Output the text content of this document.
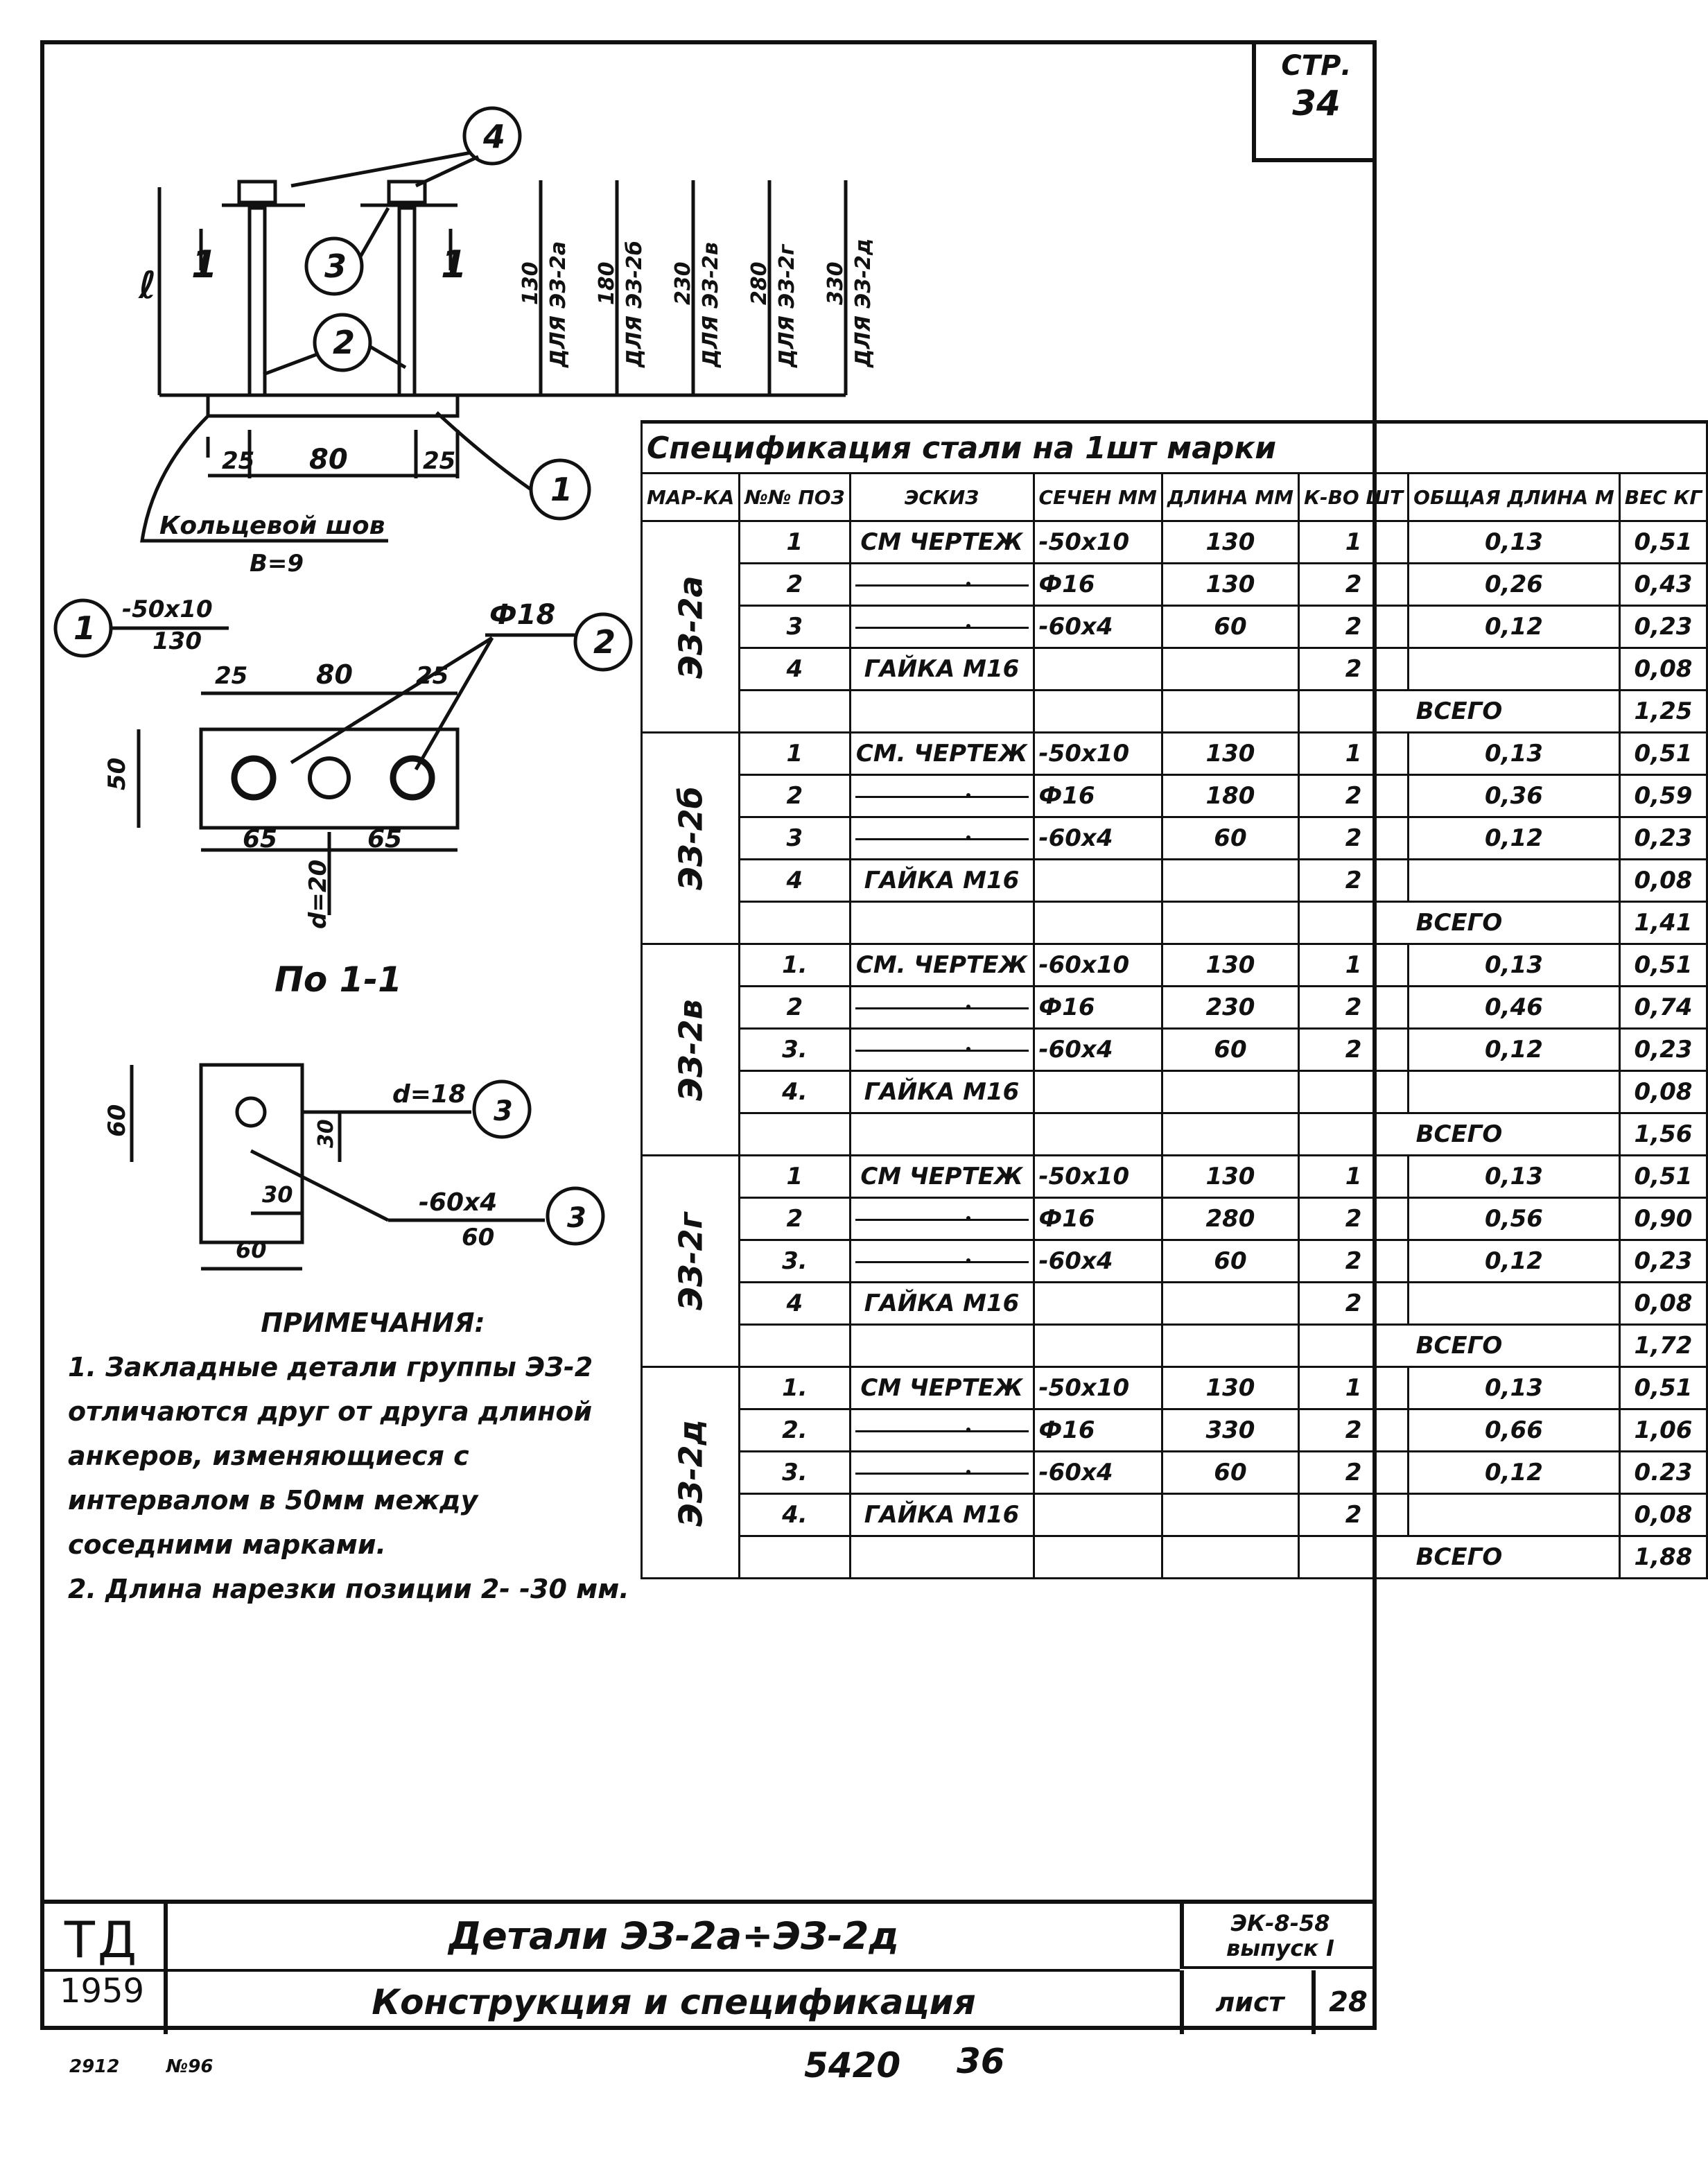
СТР.
34
4
3
2
1
ℓ 1	1 130 ДЛЯ ЭЗ-2а 180 ДЛЯ ЭЗ-2б 230 ДЛЯ ЭЗ-2в 280 ДЛЯ ЭЗ-2г 330 ДЛЯ ЭЗ-2д
25 80	25
Кольцевой шов
В=9
1 -50х10
130
Ф18
2
25	80	25
50
65	65
d=20
По 1-1
60
d=18
3
30
30	-60х4
60
3
60
Спецификация стали на 1шт марки							
МАР-КА	№№ ПОЗ	ЭСКИЗ	СЕЧЕН ММ	ДЛИНА ММ	К-ВО ШТ	ОБЩАЯ ДЛИНА М	ВЕС КГ
ЭЗ-2а	1	СМ ЧЕРТЕЖ	-50х10	130	1	0,13	0,51
	2		Ф16	130	2	0,26	0,43
	3		-60х4	60	2	0,12	0,23
	4	ГАЙКА М16			2		0,08
					ВСЕГО		1,25
ЭЗ-2б	1	СМ. ЧЕРТЕЖ	-50х10	130	1	0,13	0,51
	2		Ф16	180	2	0,36	0,59
	3		-60х4	60	2	0,12	0,23
	4	ГАЙКА М16			2		0,08
					ВСЕГО		1,41
ЭЗ-2в	1.	СМ. ЧЕРТЕЖ	-60х10	130	1	0,13	0,51
	2		Ф16	230	2	0,46	0,74
	3.		-60х4	60	2	0,12	0,23
	4.	ГАЙКА М16					0,08
					ВСЕГО		1,56
ЭЗ-2г	1	СМ ЧЕРТЕЖ	-50х10	130	1	0,13	0,51
	2		Ф16	280	2	0,56	0,90
	3.		-60х4	60	2	0,12	0,23
	4	ГАЙКА М16			2		0,08
					ВСЕГО		1,72
ЭЗ-2д	1.	СМ ЧЕРТЕЖ	-50х10	130	1	0,13	0,51
	2.		Ф16	330	2	0,66	1,06
	3.		-60х4	60	2	0,12	0.23
	4.	ГАЙКА М16			2		0,08
					ВСЕГО		1,88
ПРИМЕЧАНИЯ:
1. Закладные детали группы ЭЗ-2 отличаются друг от друга длиной анкеров, изменяющиеся с интервалом в 50мм между соседними марками.
2. Длина нарезки позиции 2- -30 мм.
ТД
1959
Детали ЭЗ-2а÷ЭЗ-2д
Конструкция и спецификация
ЭК-8-58
выпуск I
лист	28
2912	№96	5420 36
